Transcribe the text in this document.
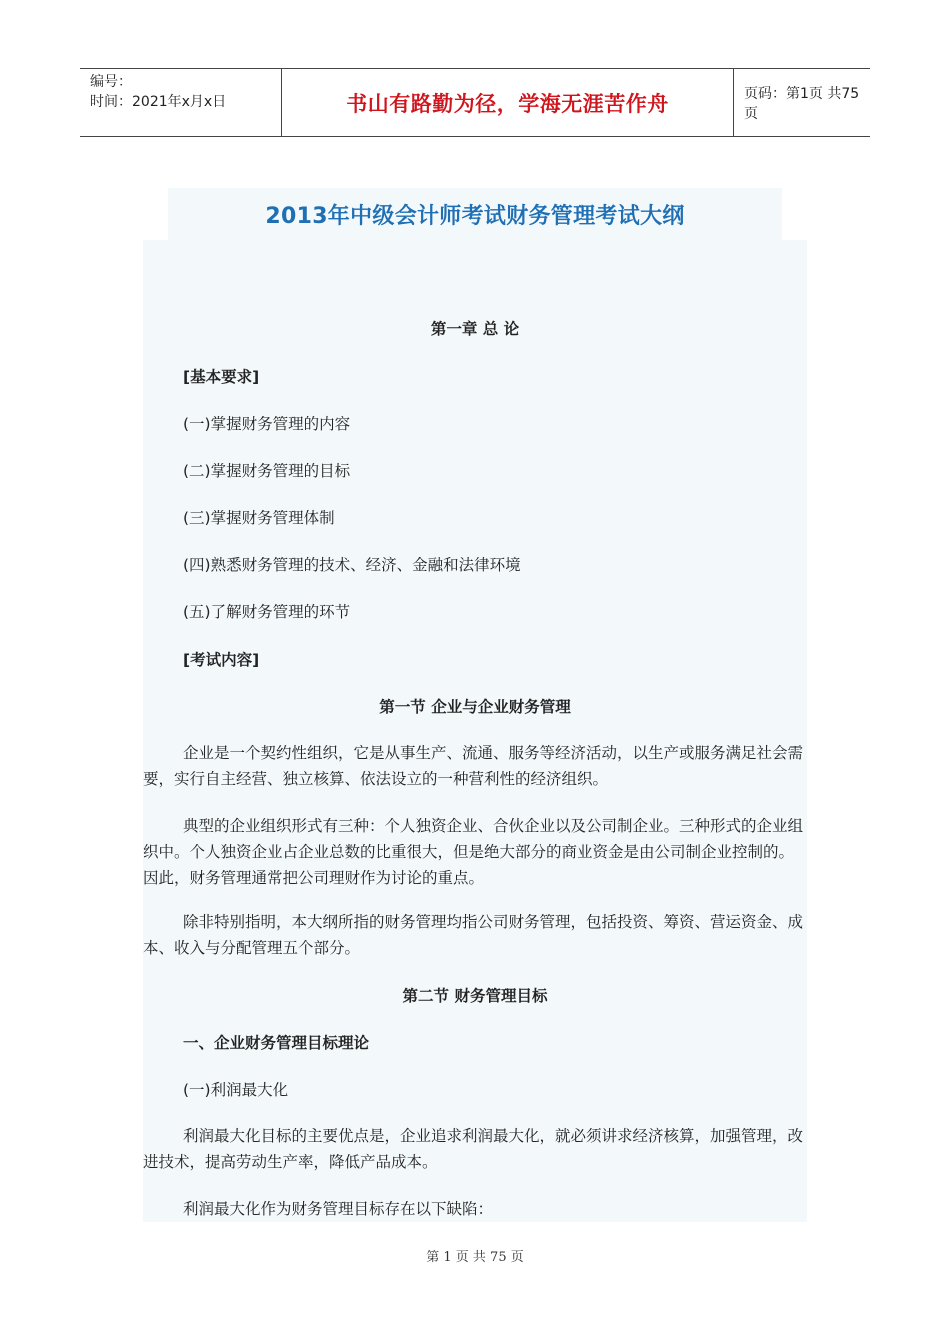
编号：
时间：2021年x月x日	书山有路勤为径，学海无涯苦作舟	页码：第1页 共75页
2013年中级会计师考试财务管理考试大纲
第一章 总 论
[基本要求]
(一)掌握财务管理的内容
(二)掌握财务管理的目标
(三)掌握财务管理体制
(四)熟悉财务管理的技术、经济、金融和法律环境
(五)了解财务管理的环节
[考试内容]
第一节 企业与企业财务管理
企业是一个契约性组织，它是从事生产、流通、服务等经济活动，以生产或服务满足社会需要，实行自主经营、独立核算、依法设立的一种营利性的经济组织。
典型的企业组织形式有三种：个人独资企业、合伙企业以及公司制企业。三种形式的企业组织中。个人独资企业占企业总数的比重很大，但是绝大部分的商业资金是由公司制企业控制的。因此，财务管理通常把公司理财作为讨论的重点。
除非特别指明，本大纲所指的财务管理均指公司财务管理，包括投资、筹资、营运资金、成本、收入与分配管理五个部分。
第二节 财务管理目标
一、企业财务管理目标理论
(一)利润最大化
利润最大化目标的主要优点是，企业追求利润最大化，就必须讲求经济核算，加强管理，改进技术，提高劳动生产率，降低产品成本。
利润最大化作为财务管理目标存在以下缺陷：
第 1 页 共 75 页
